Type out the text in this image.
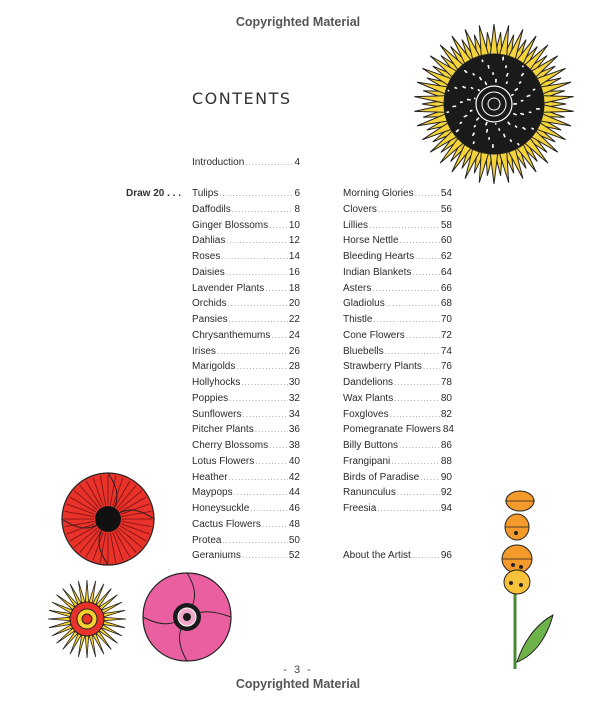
Copyrighted Material
CONTENTS
Introduction .....	4
Draw 20 . . . Tulips .....	6
Daffodils .....	8
Ginger Blossoms ..... 10
Dahlias .....	12
Roses .....	14
Daisies .....	16
Lavender Plants ..... 18
Orchids .....	20
Pansies .....	22
Chrysanthemums ..... 24
Irises .....	26
Marigolds .....	28
Hollyhocks .....	30
Poppies .....	32
Sunflowers .....	34
Pitcher Plants .....	36
Cherry Blossoms ..... 38
Lotus Flowers .....	40
Heather .....	42
Maypops .....	44
Honeysuckle .....	46
Cactus Flowers .....	48
Protea .....	50
Geraniums .....	52
Morning Glories .....	54
Clovers .....	56
Lillies .....	58
Horse Nettle .....	60
Bleeding Hearts .....	62
Indian Blankets .....	64
Asters .....	66
Gladiolus .....	68
Thistle .....	70
Cone Flowers .....	72
Bluebells .....	74
Strawberry Plants ..... 76
Dandelions .....	78
Wax Plants .....	80
Foxgloves .....	82
Pomegranate Flowers 84
Billy Buttons .....	86
Frangipani .....	88
Birds of Paradise ..... 90
Ranunculus .....	92
Freesia .....	94
About the Artist .....	96
- 3 -
Copyrighted Material
